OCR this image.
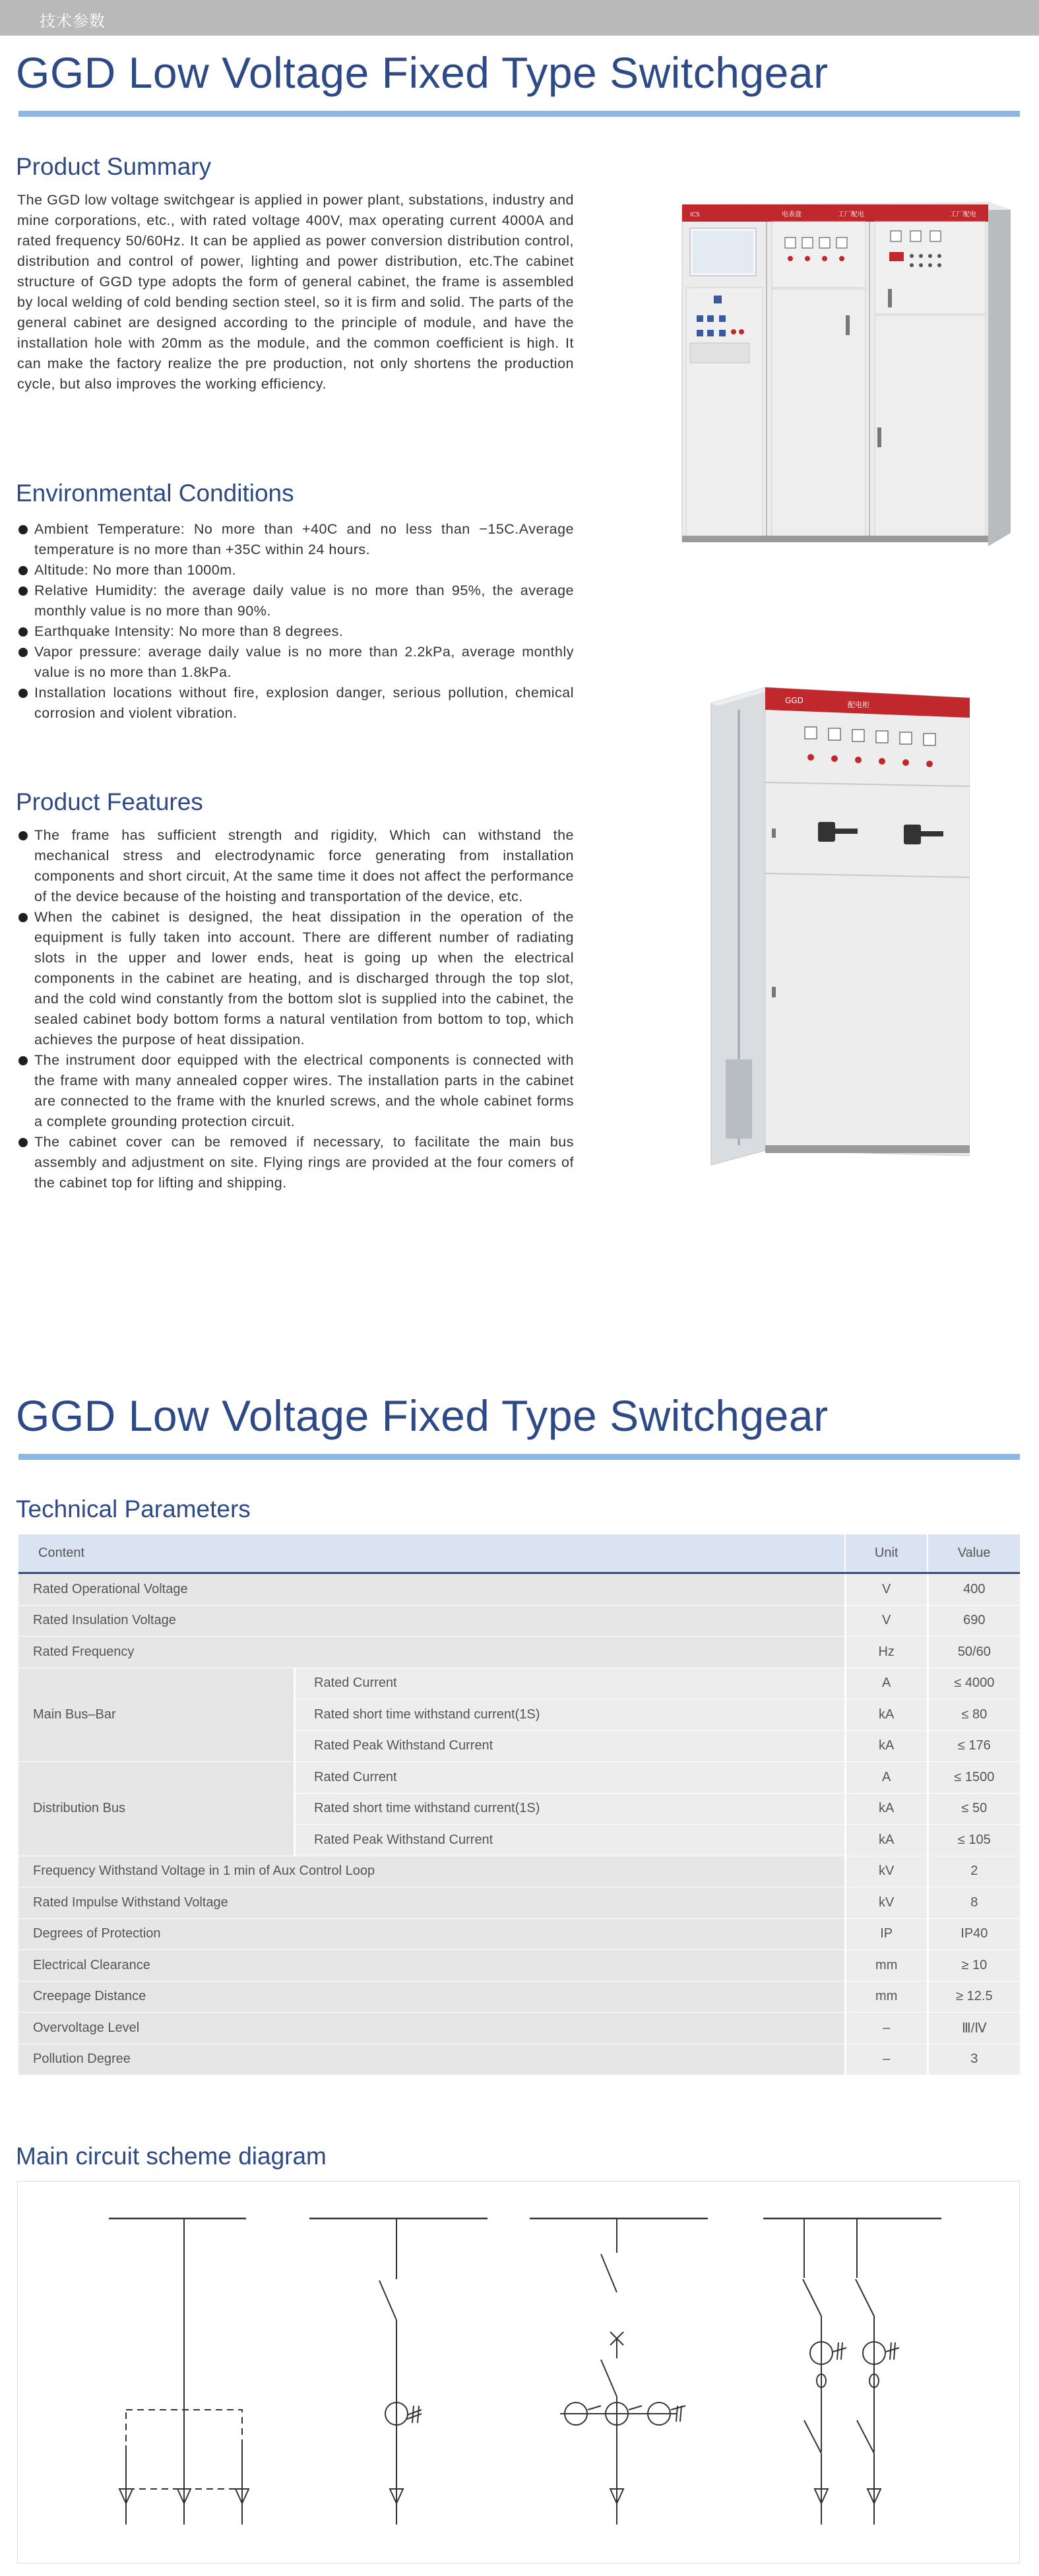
技术参数
GGD Low Voltage Fixed Type Switchgear
Product Summary

The GGD low voltage switchgear is applied in power plant, substations, industry and mine corporations, etc., with rated voltage 400V, max operating current 4000A and rated frequency 50/60Hz. It can be applied as power conversion distribution control, distribution and control of power, lighting and power distribution, etc.The cabinet structure of GGD type adopts the form of general cabinet, the frame is assembled by local welding of cold bending section steel, so it is firm and solid. The parts of the general cabinet are designed according to the principle of module, and have the installation hole with 20mm as the module, and the common coefficient is high. It can make the factory realize the pre production, not only shortens the production cycle, but also improves the working efficiency.

ICS	电表盘	工厂配电	工厂配电
Environmental Conditions
Ambient Temperature: No more than +40C and no less than −15C.Average temperature is no more than +35C within 24 hours.
Altitude: No more than 1000m.
Relative Humidity: the average daily value is no more than 95%, the average monthly value is no more than 90%.
Earthquake Intensity: No more than 8 degrees.
Vapor pressure: average daily value is no more than 2.2kPa, average monthly value is no more than 1.8kPa.
Installation locations without fire, explosion danger, serious pollution, chemical corrosion and violent vibration.
GGD	配电柜
Product Features
The frame has sufficient strength and rigidity, Which can withstand the mechanical stress and electrodynamic force generating from installation components and short circuit, At the same time it does not affect the performance of the device because of the hoisting and transportation of the device, etc.
When the cabinet is designed, the heat dissipation in the operation of the equipment is fully taken into account. There are different number of radiating slots in the upper and lower ends, heat is going up when the electrical components in the cabinet are heating, and is discharged through the top slot, and the cold wind constantly from the bottom slot is supplied into the cabinet, the sealed cabinet body bottom forms a natural ventilation from bottom to top, which achieves the purpose of heat dissipation.
The instrument door equipped with the electrical components is connected with the frame with many annealed copper wires. The installation parts in the cabinet are connected to the frame with the knurled screws, and the whole cabinet forms a complete grounding protection circuit.
The cabinet cover can be removed if necessary, to facilitate the main bus assembly and adjustment on site. Flying rings are provided at the four comers of the cabinet top for lifting and shipping.
GGD Low Voltage Fixed Type Switchgear
Technical Parameters
Content		Unit	Value
Rated Operational Voltage		V	400
Rated Insulation Voltage		V	690
Rated Frequency		Hz	50/60
Main Bus–Bar	Rated Current	A	≤ 4000
	Rated short time withstand current(1S)	kA	≤ 80
	Rated Peak Withstand Current	kA	≤ 176
Distribution Bus	Rated Current	A	≤ 1500
	Rated short time withstand current(1S)	kA	≤ 50
	Rated Peak Withstand Current	kA	≤ 105
Frequency Withstand Voltage in 1 min of Aux Control Loop		kV	2
Rated Impulse Withstand Voltage		kV	8
Degrees of Protection		IP	IP40
Electrical Clearance		mm	≥ 10
Creepage Distance		mm	≥ 12.5
Overvoltage Level		–	Ⅲ/Ⅳ
Pollution Degree		–	3
Main circuit scheme diagram
